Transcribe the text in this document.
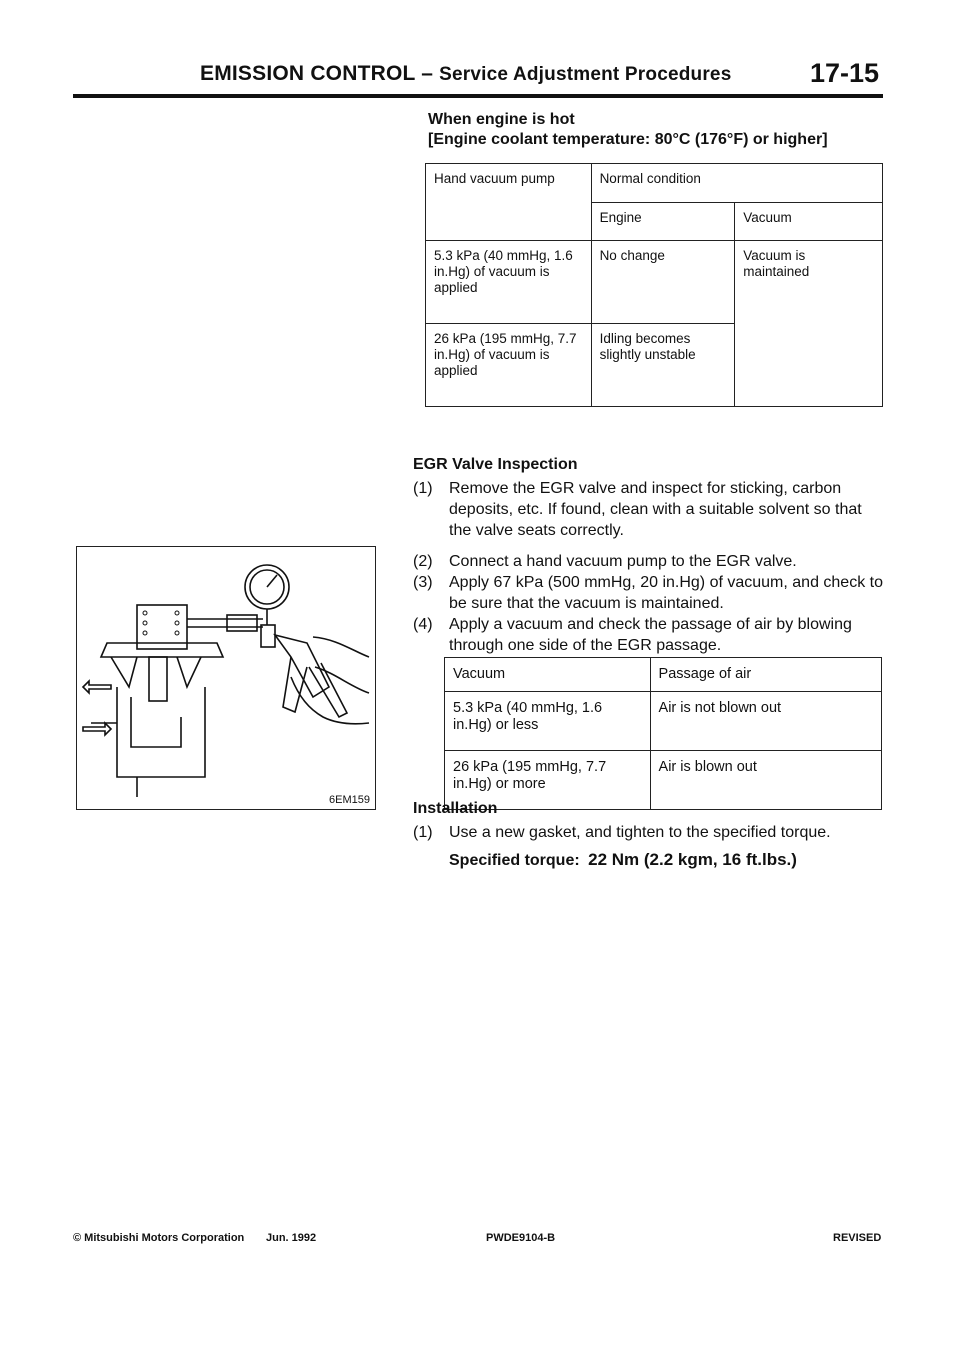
EMISSION CONTROL – Service Adjustment Procedures	17-15
When engine is hot
[Engine coolant temperature: 80°C (176°F) or higher]
Hand vacuum pump	Normal condition	
	Engine	Vacuum
5.3 kPa (40 mmHg, 1.6 in.Hg) of vacuum is applied	No change	Vacuum is maintained
26 kPa (195 mmHg, 7.7 in.Hg) of vacuum is applied	Idling becomes slightly unstable	
EGR Valve Inspection
(1)	Remove the EGR valve and inspect for sticking, carbon deposits, etc. If found, clean with a suitable solvent so that the valve seats correctly.
(2)	Connect a hand vacuum pump to the EGR valve.
(3)	Apply 67 kPa (500 mmHg, 20 in.Hg) of vacuum, and check to be sure that the vacuum is maintained.
(4)	Apply a vacuum and check the passage of air by blowing through one side of the EGR passage.
Vacuum	Passage of air
5.3 kPa (40 mmHg, 1.6 in.Hg) or less	Air is not blown out
26 kPa (195 mmHg, 7.7 in.Hg) or more	Air is blown out
Installation
(1)	Use a new gasket, and tighten to the specified torque.
Specified torque: 22 Nm (2.2 kgm, 16 ft.lbs.)
6EM159
© Mitsubishi Motors Corporation Jun. 1992	PWDE9104-B	REVISED
